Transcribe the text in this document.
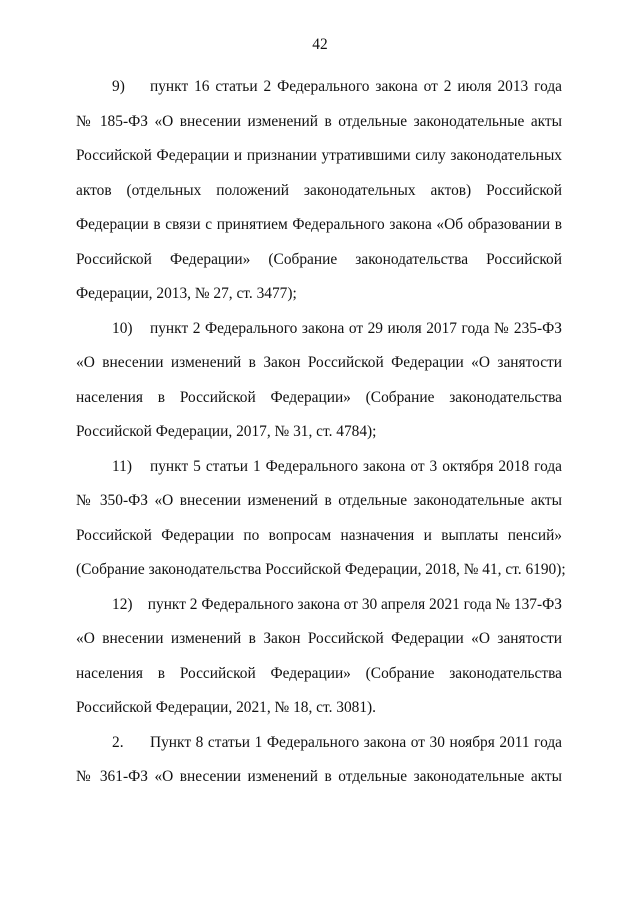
42

9)	пункт 16 статьи 2 Федерального закона от 2 июля 2013 года
№ 185-ФЗ «О внесении изменений в отдельные законодательные акты
Российской Федерации и признании утратившими силу законодательных
актов (отдельных положений законодательных актов) Российской
Федерации в связи с принятием Федерального закона «Об образовании в
Российской Федерации» (Собрание законодательства Российской
Федерации, 2013, № 27, ст. 3477);

10)	пункт 2 Федерального закона от 29 июля 2017 года № 235-ФЗ
«О внесении изменений в Закон Российской Федерации «О занятости
населения в Российской Федерации» (Собрание законодательства
Российской Федерации, 2017, № 31, ст. 4784);

11)	пункт 5 статьи 1 Федерального закона от 3 октября 2018 года
№ 350-ФЗ «О внесении изменений в отдельные законодательные акты
Российской Федерации по вопросам назначения и выплаты пенсий»
(Собрание законодательства Российской Федерации, 2018, № 41, ст. 6190);

12) пункт 2 Федерального закона от 30 апреля 2021 года № 137-ФЗ
«О внесении изменений в Закон Российской Федерации «О занятости
населения в Российской Федерации» (Собрание законодательства
Российской Федерации, 2021, № 18, ст. 3081).

2.	Пункт 8 статьи 1 Федерального закона от 30 ноября 2011 года
№ 361-ФЗ «О внесении изменений в отдельные законодательные акты
